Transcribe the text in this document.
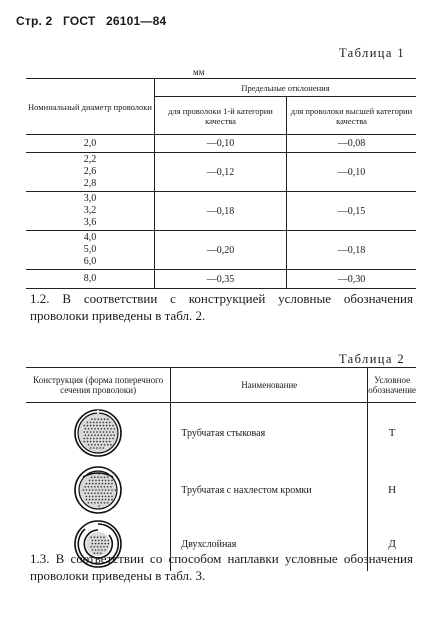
Стр. 2 ГОСТ 26101—84
Таблица 1
мм
Номинальный диаметр проволоки	Предельные отклонения	
	для проволоки 1-й категории качества	для проволоки высшей категории качества

2,0	—0,10	—0,08

2,2
2,6
2,8	—0,12	—0,10

3,0
3,2
3,6	—0,18	—0,15

4,0
5,0
6,0	—0,20	—0,18

8,0	—0,35	—0,30
1.2. В соответствии с конструкцией условные обозначения проволоки приведены в табл. 2.
Таблица 2
Конструкция (форма поперечного сечения проволоки)	Наименование	Условное обозначение

	Трубчатая стыковая	Т

	Трубчатая с нахлестом кромки	Н

	Двухслойная	Д
1.3. В соответствии со способом наплавки условные обозначения проволоки приведены в табл. 3.
